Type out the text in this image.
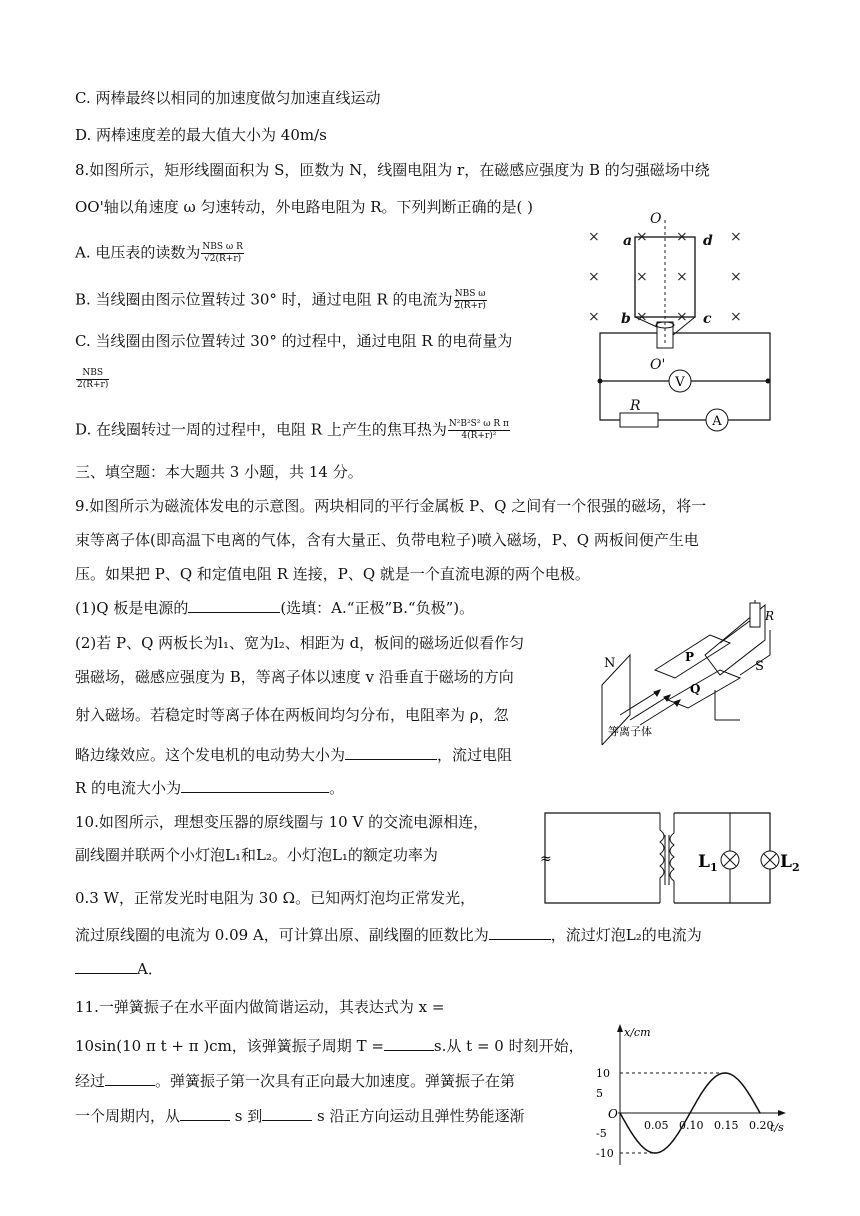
C. 两棒最终以相同的加速度做匀加速直线运动
D. 两棒速度差的最大值大小为 40m/s
8.如图所示，矩形线圈面积为 S，匝数为 N，线圈电阻为 r，在磁感应强度为 B 的匀强磁场中绕
OO'轴以角速度 ω 匀速转动，外电路电阻为 R。下列判断正确的是( )
A. 电压表的读数为 $\frac{\text{NBS ω R}}{√2(R+r)}$
B. 当线圈由图示位置转过 30° 时，通过电阻 R 的电流为 $\frac{\text{NBS ω}}{2(R+r)}$
C. 当线圈由图示位置转过 30° 的过程中，通过电阻 R 的电荷量为
$\frac{\text{NBS}}{2(R+r)}$
D. 在线圈转过一周的过程中，电阻 R 上产生的焦耳热为 $\frac{\text{N²B²S² ω R π}}{\text{4(R+r)²}}$
三、填空题：本大题共 3 小题，共 14 分。
9.如图所示为磁流体发电的示意图。两块相同的平行金属板 P、Q 之间有一个很强的磁场，将一
束等离子体(即高温下电离的气体，含有大量正、负带电粒子)喷入磁场，P、Q 两板间便产生电
压。如果把 P、Q 和定值电阻 R 连接，P、Q 就是一个直流电源的两个电极。
(1)Q 板是电源的	(选填：A.“正极”B.“负极”)。
(2)若 P、Q 两板长为l₁、宽为l₂、相距为 d，板间的磁场近似看作匀
强磁场，磁感应强度为 B，等离子体以速度 v 沿垂直于磁场的方向
射入磁场。若稳定时等离子体在两板间均匀分布，电阻率为 ρ，忽
略边缘效应。这个发电机的电动势大小为	，流过电阻
R 的电流大小为	。
10.如图所示，理想变压器的原线圈与 10 V 的交流电源相连，
副线圈并联两个小灯泡L₁和L₂。小灯泡L₁的额定功率为
0.3 W，正常发光时电阻为 30 Ω。已知两灯泡均正常发光，
流过原线圈的电流为 0.09 A，可计算出原、副线圈的匝数比为	，流过灯泡L₂的电流为
A．
11.一弹簧振子在水平面内做简谐运动，其表达式为 x =
10sin(10 π t + π )cm，该弹簧振子周期 T =	s.从 t = 0 时刻开始，
经过	。弹簧振子第一次具有正向最大加速度。弹簧振子在第
一个周期内，从	s 到	s 沿正方向运动且弹性势能逐渐
×	×
×	×
×	×
× ×
× ×
× ×
V
A
O
a	d
b	c
O'
R
N	S
P
Q
R
等离子体
≈	$L_1$	$L_2$
x/cm
t/s
O
10
5
-5
-10
0.05 0.10 0.15 0.20
